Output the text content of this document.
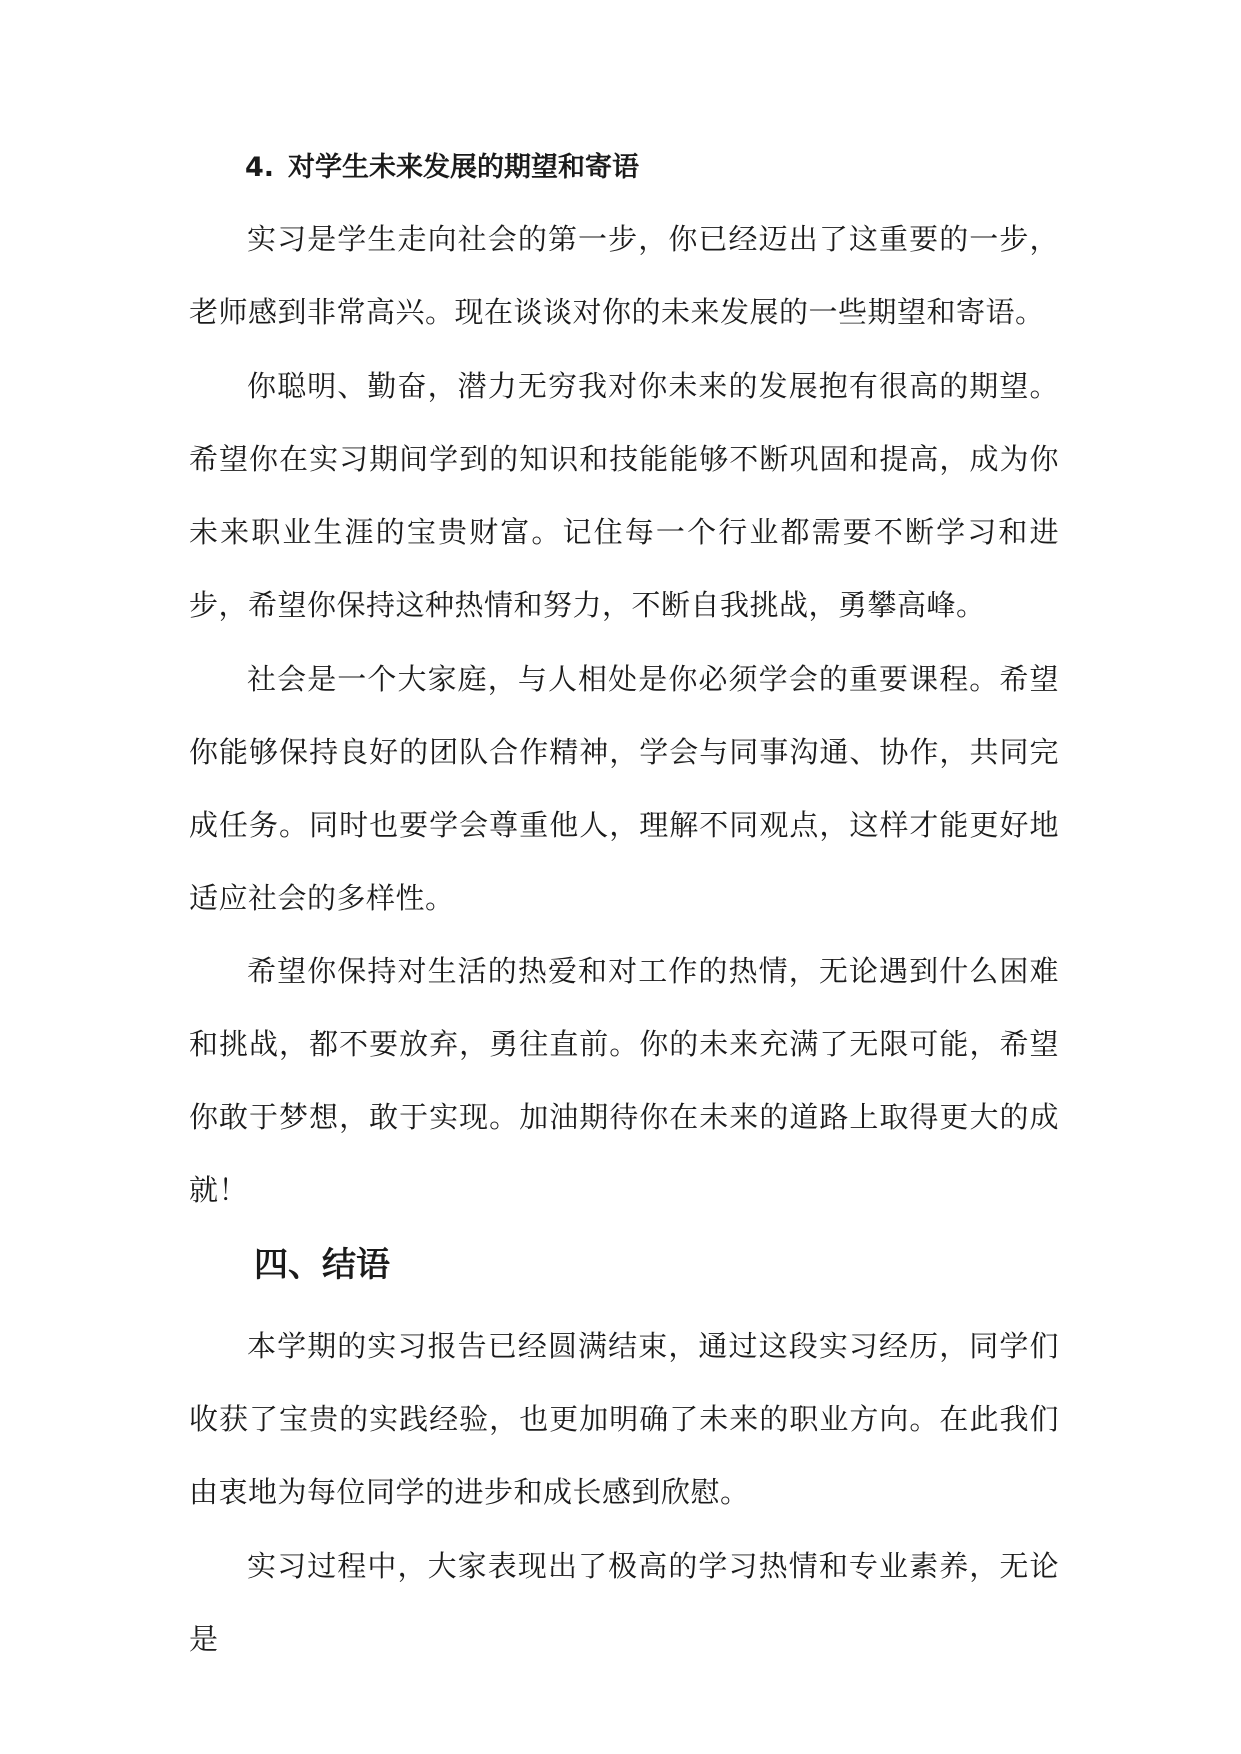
4. 对学生未来发展的期望和寄语

实习是学生走向社会的第一步，你已经迈出了这重要的一步，老师感到非常高兴。现在谈谈对你的未来发展的一些期望和寄语。

你聪明、勤奋，潜力无穷我对你未来的发展抱有很高的期望。希望你在实习期间学到的知识和技能能够不断巩固和提高，成为你未来职业生涯的宝贵财富。记住每一个行业都需要不断学习和进步，希望你保持这种热情和努力，不断自我挑战，勇攀高峰。

社会是一个大家庭，与人相处是你必须学会的重要课程。希望你能够保持良好的团队合作精神，学会与同事沟通、协作，共同完成任务。同时也要学会尊重他人，理解不同观点，这样才能更好地适应社会的多样性。

希望你保持对生活的热爱和对工作的热情，无论遇到什么困难和挑战，都不要放弃，勇往直前。你的未来充满了无限可能，希望你敢于梦想，敢于实现。加油期待你在未来的道路上取得更大的成就！

四、结语

本学期的实习报告已经圆满结束，通过这段实习经历，同学们收获了宝贵的实践经验，也更加明确了未来的职业方向。在此我们由衷地为每位同学的进步和成长感到欣慰。

实习过程中，大家表现出了极高的学习热情和专业素养，无论是
